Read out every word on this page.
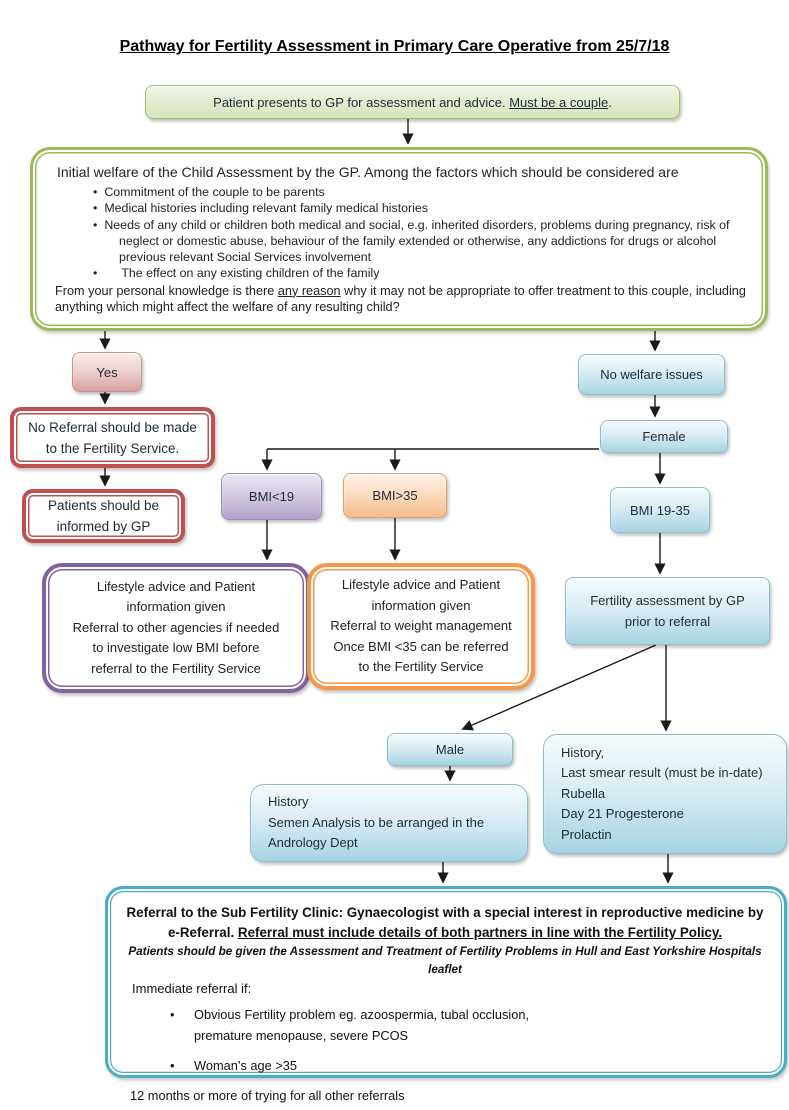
Pathway for Fertility Assessment in Primary Care Operative from 25/7/18
Patient presents to GP for assessment and advice. Must be a couple.
Initial welfare of the Child Assessment by the GP. Among the factors which should be considered are
• Commitment of the couple to be parents
• Medical histories including relevant family medical histories
• Needs of any child or children both medical and social, e.g. inherited disorders, problems during pregnancy, risk of neglect or domestic abuse, behaviour of the family extended or otherwise, any addictions for drugs or alcohol previous relevant Social Services involvement
• The effect on any existing children of the family
From your personal knowledge is there any reason why it may not be appropriate to offer treatment to this couple, including anything which might affect the welfare of any resulting child?
Yes	No welfare issues
No Referral should be made
to the Fertility Service.
Patients should be
informed by GP
Female
BMI<19	BMI>35
BMI 19-35
Lifestyle advice and Patient
information given
Referral to other agencies if needed
to investigate low BMI before
referral to the Fertility Service
Lifestyle advice and Patient
information given
Referral to weight management
Once BMI <35 can be referred
to the Fertility Service
Fertility assessment by GP
prior to referral
Male
History
Semen Analysis to be arranged in the
Andrology Dept
History,
Last smear result (must be in-date)
Rubella
Day 21 Progesterone
Prolactin
Referral to the Sub Fertility Clinic: Gynaecologist with a special interest in reproductive medicine by e-Referral. Referral must include details of both partners in line with the Fertility Policy.
Patients should be given the Assessment and Treatment of Fertility Problems in Hull and East Yorkshire Hospitals leaflet
Immediate referral if:
• Obvious Fertility problem eg. azoospermia, tubal occlusion,
premature menopause, severe PCOS
• Woman’s age >35
12 months or more of trying for all other referrals
